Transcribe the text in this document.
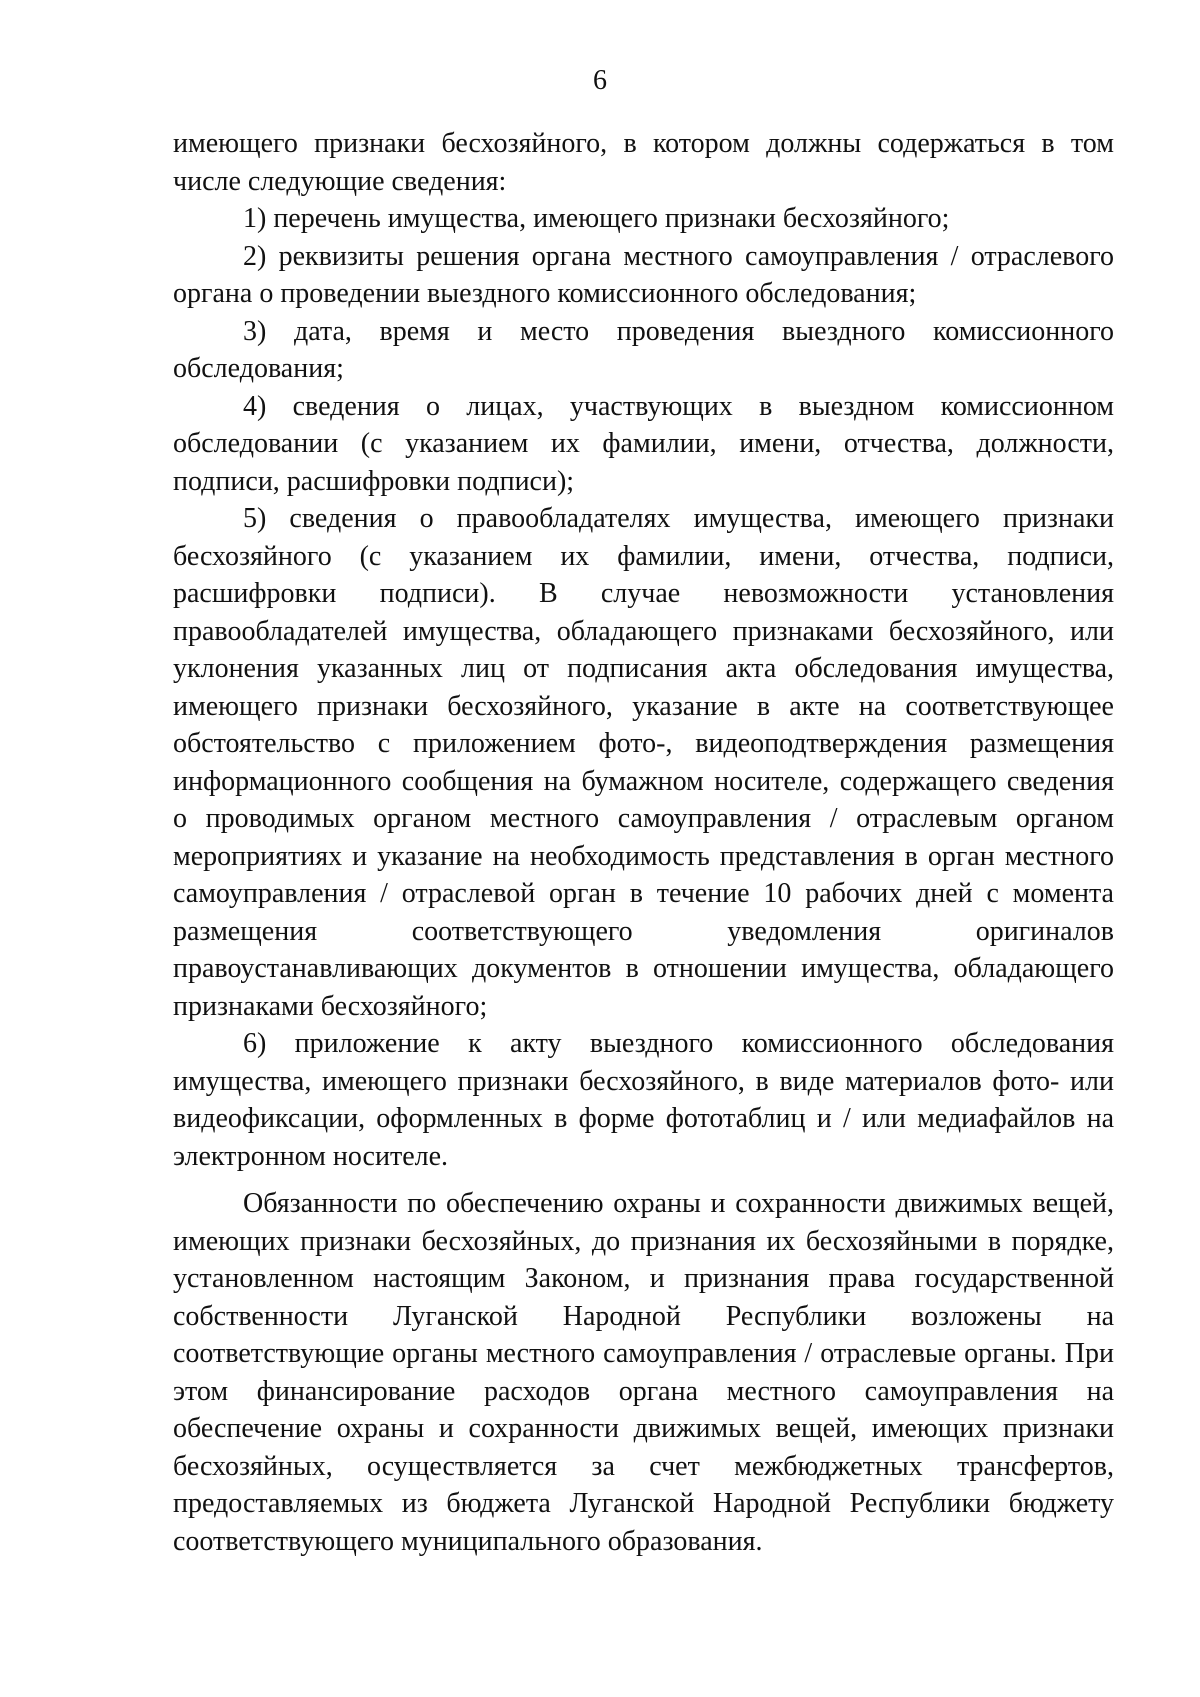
6

имеющего признаки бесхозяйного, в котором должны содержаться в том числе следующие сведения:

1) перечень имущества, имеющего признаки бесхозяйного;

2) реквизиты решения органа местного самоуправления / отраслевого органа о проведении выездного комиссионного обследования;

3) дата, время и место проведения выездного комиссионного обследования;

4) сведения о лицах, участвующих в выездном комиссионном обследовании (с указанием их фамилии, имени, отчества, должности, подписи, расшифровки подписи);

5) сведения о правообладателях имущества, имеющего признаки бесхозяйного (с указанием их фамилии, имени, отчества, подписи, расшифровки подписи). В случае невозможности установления правообладателей имущества, обладающего признаками бесхозяйного, или уклонения указанных лиц от подписания акта обследования имущества, имеющего признаки бесхозяйного, указание в акте на соответствующее обстоятельство с приложением фото-, видеоподтверждения размещения информационного сообщения на бумажном носителе, содержащего сведения о проводимых органом местного самоуправления / отраслевым органом мероприятиях и указание на необходимость представления в орган местного самоуправления / отраслевой орган в течение 10 рабочих дней с момента размещения соответствующего уведомления оригиналов правоустанавливающих документов в отношении имущества, обладающего признаками бесхозяйного;

6) приложение к акту выездного комиссионного обследования имущества, имеющего признаки бесхозяйного, в виде материалов фото- или видеофиксации, оформленных в форме фототаблиц и / или медиафайлов на электронном носителе.

Обязанности по обеспечению охраны и сохранности движимых вещей, имеющих признаки бесхозяйных, до признания их бесхозяйными в порядке, установленном настоящим Законом, и признания права государственной собственности Луганской Народной Республики возложены на соответствующие органы местного самоуправления / отраслевые органы. При этом финансирование расходов органа местного самоуправления на обеспечение охраны и сохранности движимых вещей, имеющих признаки бесхозяйных, осуществляется за счет межбюджетных трансфертов, предоставляемых из бюджета Луганской Народной Республики бюджету соответствующего муниципального образования.
